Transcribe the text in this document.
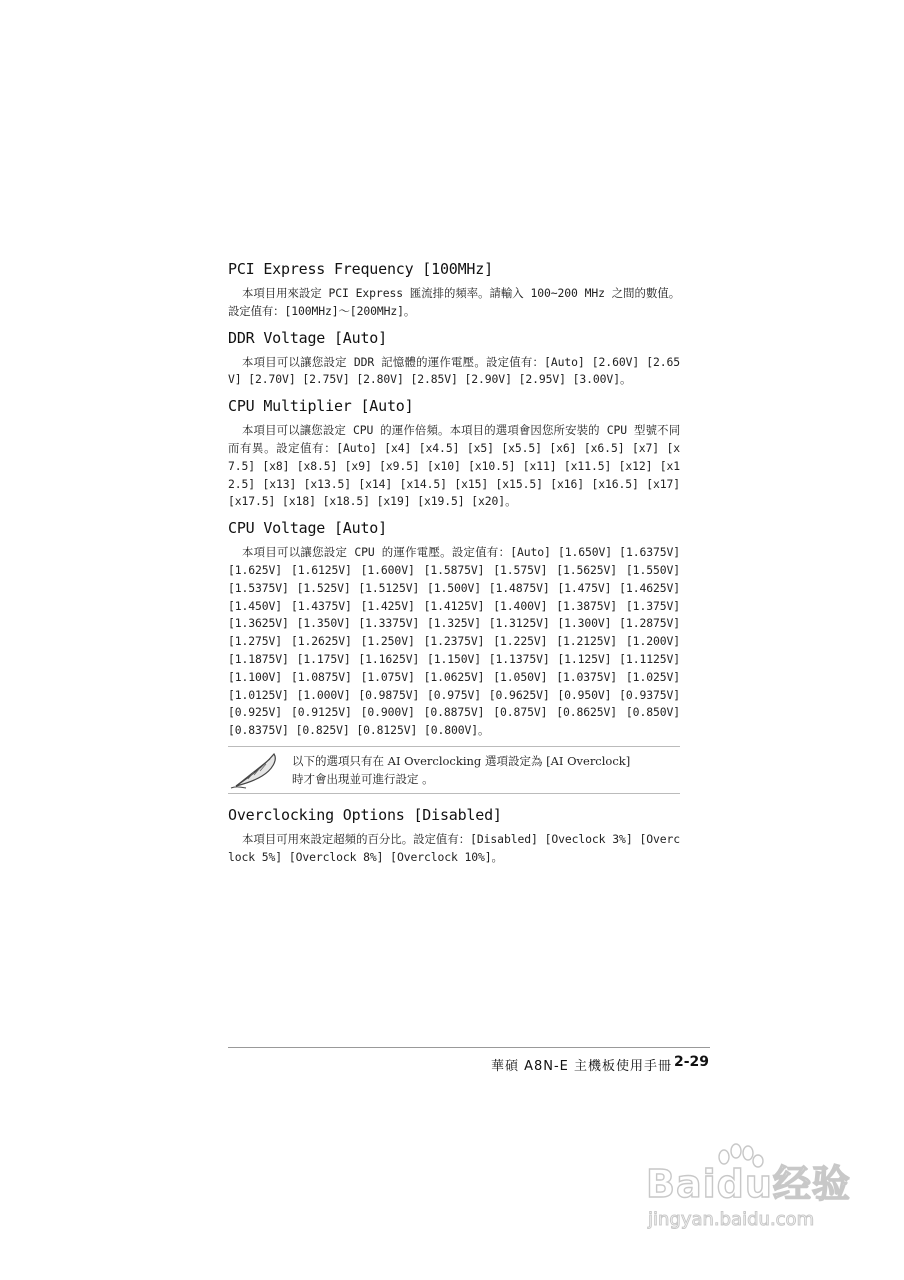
PCI Express Frequency [100MHz]

本項目用來設定 PCI Express 匯流排的頻率。請輸入 100~200 MHz 之間的數值。設定值有：[100MHz]～[200MHz]。

DDR Voltage [Auto]

本項目可以讓您設定 DDR 記憶體的運作電壓。設定值有：[Auto] [2.60V] [2.65V] [2.70V] [2.75V] [2.80V] [2.85V] [2.90V] [2.95V] [3.00V]。

CPU Multiplier [Auto]

本項目可以讓您設定 CPU 的運作倍頻。本項目的選項會因您所安裝的 CPU 型號不同而有異。設定值有：[Auto] [x4] [x4.5] [x5] [x5.5] [x6] [x6.5] [x7] [x7.5] [x8] [x8.5] [x9] [x9.5] [x10] [x10.5] [x11] [x11.5] [x12] [x12.5] [x13] [x13.5] [x14] [x14.5] [x15] [x15.5] [x16] [x16.5] [x17] [x17.5] [x18] [x18.5] [x19] [x19.5] [x20]。

CPU Voltage [Auto]

本項目可以讓您設定 CPU 的運作電壓。設定值有：[Auto] [1.650V] [1.6375V] [1.625V] [1.6125V] [1.600V] [1.5875V] [1.575V] [1.5625V] [1.550V] [1.5375V] [1.525V] [1.5125V] [1.500V] [1.4875V] [1.475V] [1.4625V] [1.450V] [1.4375V] [1.425V] [1.4125V] [1.400V] [1.3875V] [1.375V] [1.3625V] [1.350V] [1.3375V] [1.325V] [1.3125V] [1.300V] [1.2875V] [1.275V] [1.2625V] [1.250V] [1.2375V] [1.225V] [1.2125V] [1.200V] [1.1875V] [1.175V] [1.1625V] [1.150V] [1.1375V] [1.125V] [1.1125V] [1.100V] [1.0875V] [1.075V] [1.0625V] [1.050V] [1.0375V] [1.025V] [1.0125V] [1.000V] [0.9875V] [0.975V] [0.9625V] [0.950V] [0.9375V] [0.925V] [0.9125V] [0.900V] [0.8875V] [0.875V] [0.8625V] [0.850V] [0.8375V] [0.825V] [0.8125V] [0.800V]。

以下的選項只有在 AI Overclocking 選項設定為 [AI Overclock]
時才會出現並可進行設定 。
Overclocking Options [Disabled]

本項目可用來設定超頻的百分比。設定值有：[Disabled] [Oveclock 3%] [Overclock 5%] [Overclock 8%] [Overclock 10%]。

華碩 A8N-E 主機板使用手冊 2-29
Baidu经验
jingyan.baidu.com
